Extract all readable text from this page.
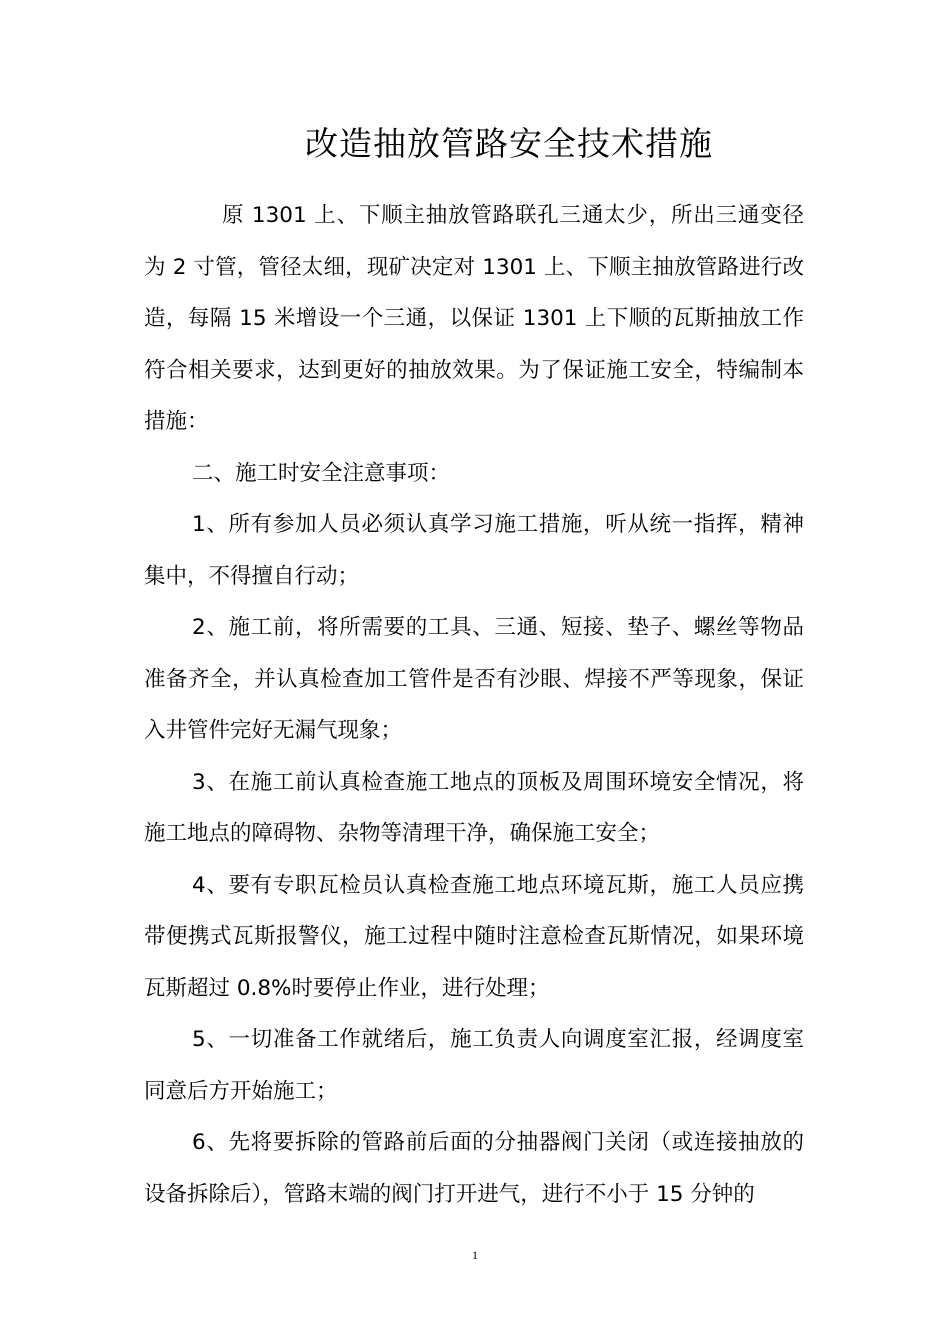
改造抽放管路安全技术措施

原 1301 上、下顺主抽放管路联孔三通太少，所出三通变径为 2 寸管，管径太细，现矿决定对 1301 上、下顺主抽放管路进行改造，每隔 15 米增设一个三通，以保证 1301 上下顺的瓦斯抽放工作符合相关要求，达到更好的抽放效果。为了保证施工安全，特编制本措施：

二、施工时安全注意事项：

1、所有参加人员必须认真学习施工措施，听从统一指挥，精神集中，不得擅自行动；

2、施工前，将所需要的工具、三通、短接、垫子、螺丝等物品准备齐全，并认真检查加工管件是否有沙眼、焊接不严等现象，保证入井管件完好无漏气现象；

3、在施工前认真检查施工地点的顶板及周围环境安全情况，将施工地点的障碍物、杂物等清理干净，确保施工安全；

4、要有专职瓦检员认真检查施工地点环境瓦斯，施工人员应携带便携式瓦斯报警仪，施工过程中随时注意检查瓦斯情况，如果环境瓦斯超过 0.8%时要停止作业，进行处理；

5、一切准备工作就绪后，施工负责人向调度室汇报，经调度室同意后方开始施工；

6、先将要拆除的管路前后面的分抽器阀门关闭（或连接抽放的设备拆除后），管路末端的阀门打开进气，进行不小于 15 分钟的

1
